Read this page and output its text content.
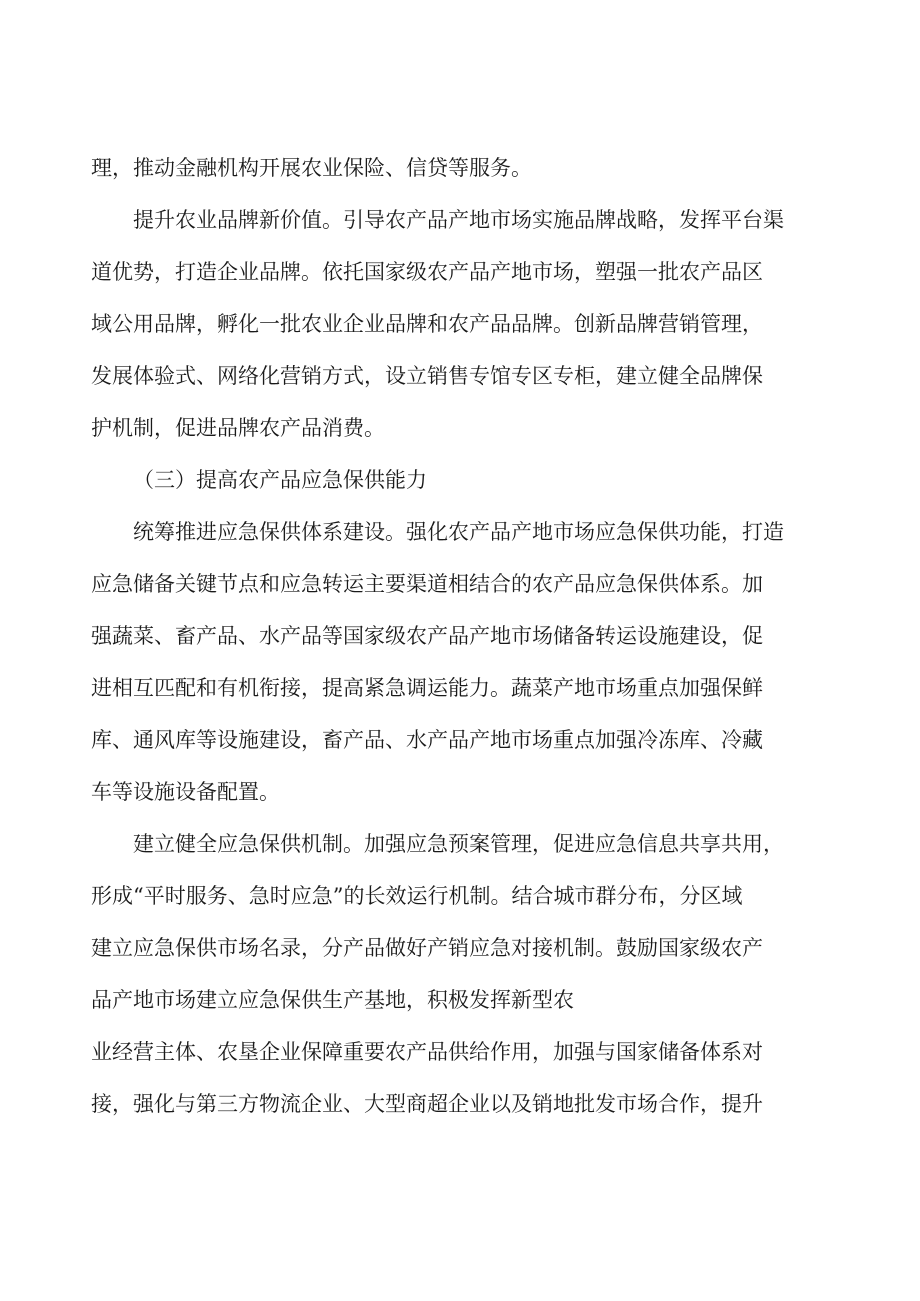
理，推动金融机构开展农业保险、信贷等服务。
提升农业品牌新价值。引导农产品产地市场实施品牌战略，发挥平台渠
道优势，打造企业品牌。依托国家级农产品产地市场，塑强一批农产品区
域公用品牌，孵化一批农业企业品牌和农产品品牌。创新品牌营销管理，
发展体验式、网络化营销方式，设立销售专馆专区专柜，建立健全品牌保
护机制，促进品牌农产品消费。
（三）提高农产品应急保供能力
统筹推进应急保供体系建设。强化农产品产地市场应急保供功能，打造
应急储备关键节点和应急转运主要渠道相结合的农产品应急保供体系。加
强蔬菜、畜产品、水产品等国家级农产品产地市场储备转运设施建设，促
进相互匹配和有机衔接，提高紧急调运能力。蔬菜产地市场重点加强保鲜
库、通风库等设施建设，畜产品、水产品产地市场重点加强冷冻库、冷藏
车等设施设备配置。
建立健全应急保供机制。加强应急预案管理，促进应急信息共享共用，
形成“平时服务、急时应急”的长效运行机制。结合城市群分布，分区域
建立应急保供市场名录，分产品做好产销应急对接机制。鼓励国家级农产
品产地市场建立应急保供生产基地，积极发挥新型农
业经营主体、农垦企业保障重要农产品供给作用，加强与国家储备体系对
接，强化与第三方物流企业、大型商超企业以及销地批发市场合作，提升
